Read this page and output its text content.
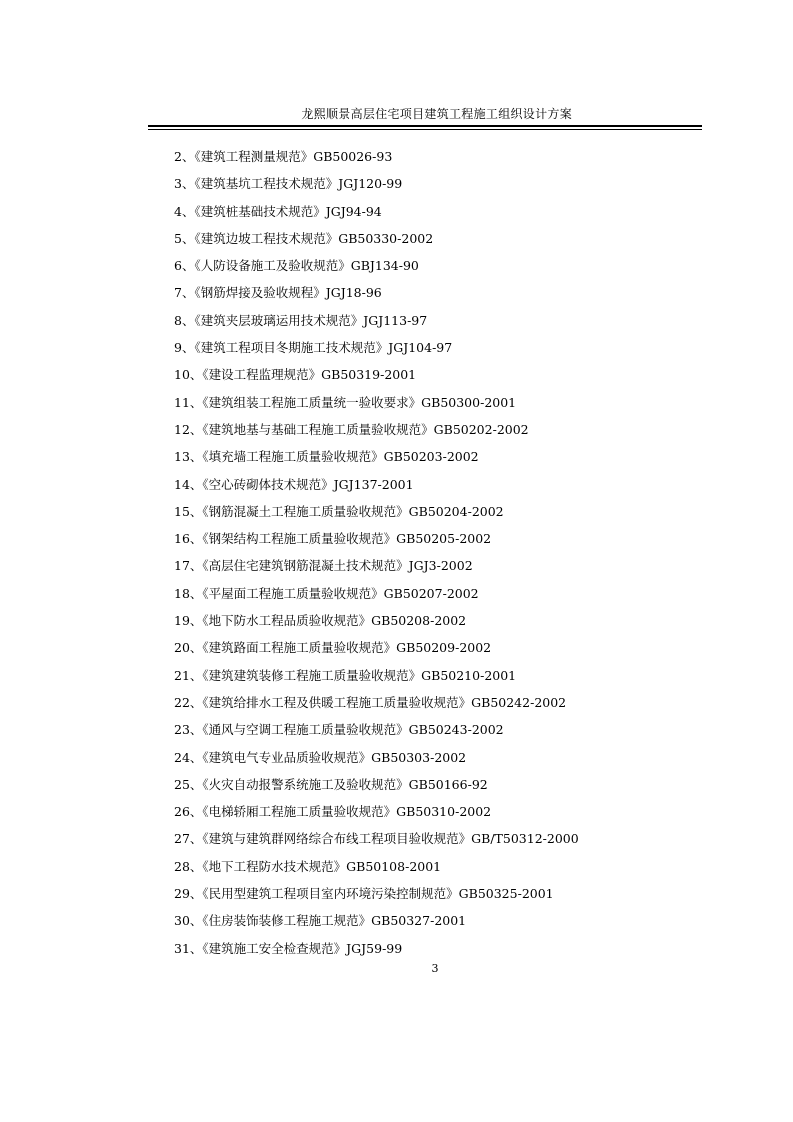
龙熙顺景高层住宅项目建筑工程施工组织设计方案
2、《建筑工程测量规范》GB50026-93
3、《建筑基坑工程技术规范》JGJ120-99
4、《建筑桩基础技术规范》JGJ94-94
5、《建筑边坡工程技术规范》GB50330-2002
6、《人防设备施工及验收规范》GBJ134-90
7、《钢筋焊接及验收规程》JGJ18-96
8、《建筑夹层玻璃运用技术规范》JGJ113-97
9、《建筑工程项目冬期施工技术规范》JGJ104-97
10、《建设工程监理规范》GB50319-2001
11、《建筑组装工程施工质量统一验收要求》GB50300-2001
12、《建筑地基与基础工程施工质量验收规范》GB50202-2002
13、《填充墙工程施工质量验收规范》GB50203-2002
14、《空心砖砌体技术规范》JGJ137-2001
15、《钢筋混凝土工程施工质量验收规范》GB50204-2002
16、《钢架结构工程施工质量验收规范》GB50205-2002
17、《高层住宅建筑钢筋混凝土技术规范》JGJ3-2002
18、《平屋面工程施工质量验收规范》GB50207-2002
19、《地下防水工程品质验收规范》GB50208-2002
20、《建筑路面工程施工质量验收规范》GB50209-2002
21、《建筑建筑装修工程施工质量验收规范》GB50210-2001
22、《建筑给排水工程及供暖工程施工质量验收规范》GB50242-2002
23、《通风与空调工程施工质量验收规范》GB50243-2002
24、《建筑电气专业品质验收规范》GB50303-2002
25、《火灾自动报警系统施工及验收规范》GB50166-92
26、《电梯轿厢工程施工质量验收规范》GB50310-2002
27、《建筑与建筑群网络综合布线工程项目验收规范》GB/T50312-2000
28、《地下工程防水技术规范》GB50108-2001
29、《民用型建筑工程项目室内环境污染控制规范》GB50325-2001
30、《住房装饰装修工程施工规范》GB50327-2001
31、《建筑施工安全检查规范》JGJ59-99
3
